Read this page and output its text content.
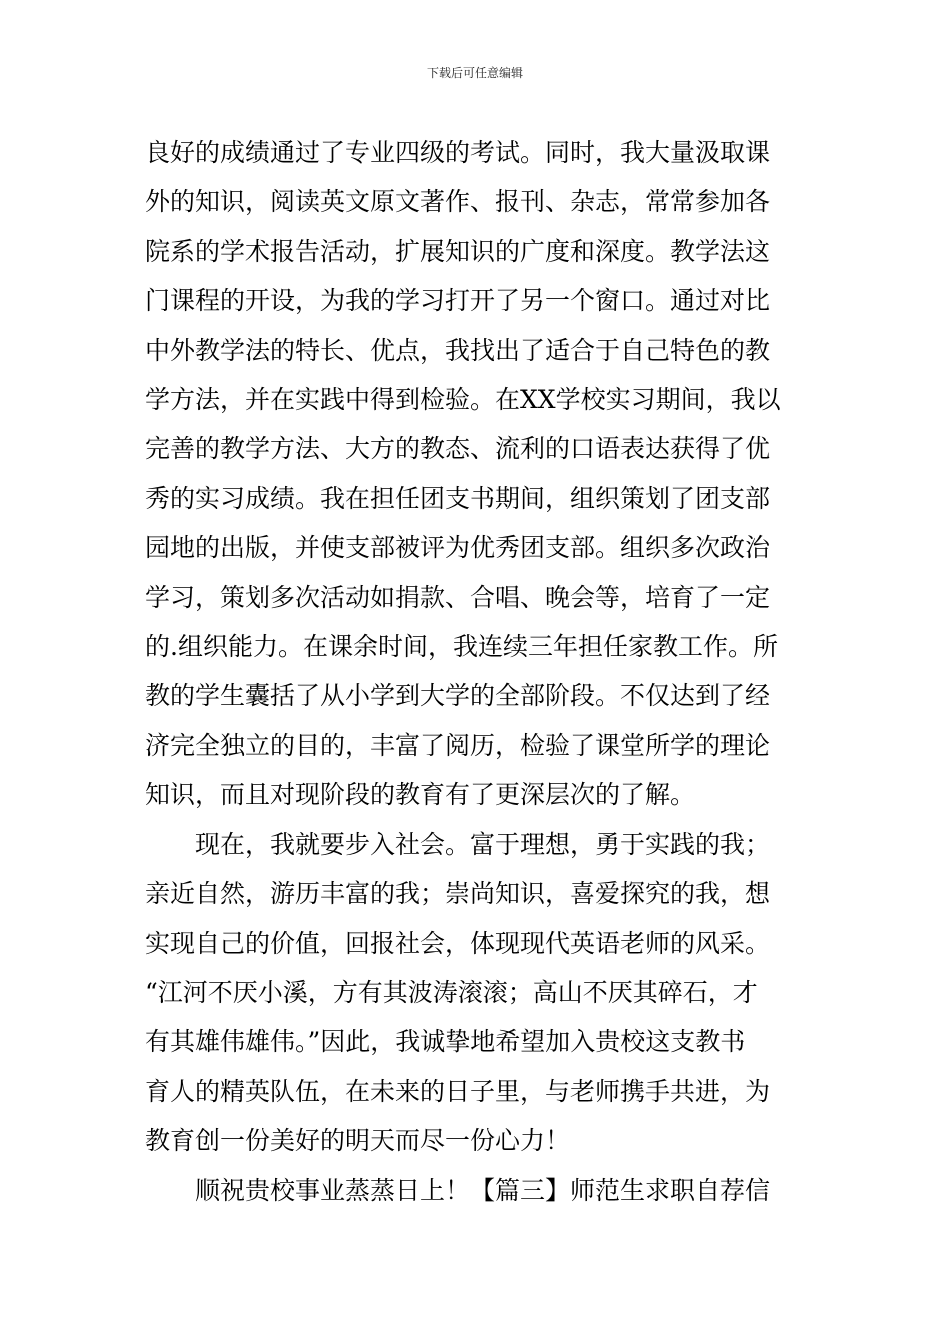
下载后可任意编辑
良好的成绩通过了专业四级的考试。同时，我大量汲取课
外的知识，阅读英文原文著作、报刊、杂志，常常参加各
院系的学术报告活动，扩展知识的广度和深度。教学法这
门课程的开设，为我的学习打开了另一个窗口。通过对比
中外教学法的特长、优点，我找出了适合于自己特色的教
学方法，并在实践中得到检验。在XX学校实习期间，我以
完善的教学方法、大方的教态、流利的口语表达获得了优
秀的实习成绩。我在担任团支书期间，组织策划了团支部
园地的出版，并使支部被评为优秀团支部。组织多次政治
学习，策划多次活动如捐款、合唱、晚会等，培育了一定
的.组织能力。在课余时间，我连续三年担任家教工作。所
教的学生囊括了从小学到大学的全部阶段。不仅达到了经
济完全独立的目的，丰富了阅历，检验了课堂所学的理论
知识，而且对现阶段的教育有了更深层次的了解。
　　现在，我就要步入社会。富于理想，勇于实践的我；
亲近自然，游历丰富的我；崇尚知识，喜爱探究的我，想
实现自己的价值，回报社会，体现现代英语老师的风采。
“江河不厌小溪，方有其波涛滚滚；高山不厌其碎石，才
有其雄伟雄伟。”因此，我诚挚地希望加入贵校这支教书
育人的精英队伍，在未来的日子里，与老师携手共进，为
教育创一份美好的明天而尽一份心力！
　　顺祝贵校事业蒸蒸日上！【篇三】师范生求职自荐信
